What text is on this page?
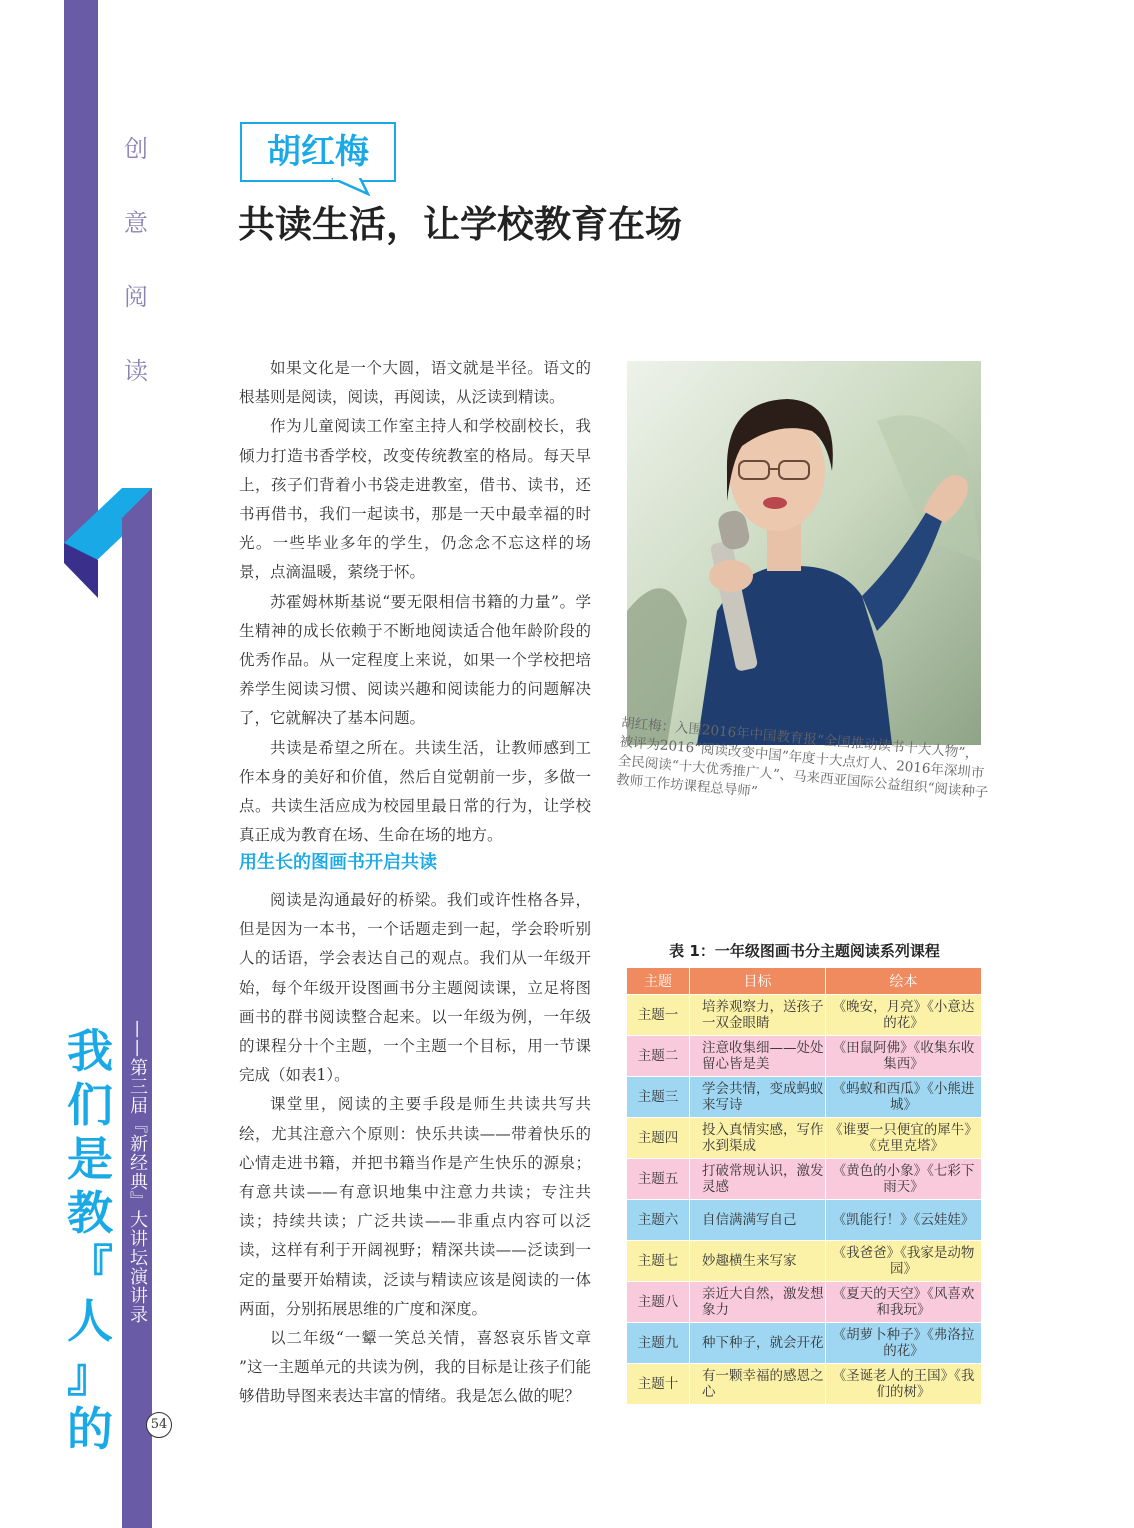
创
意
阅
读
我
们
是
教
『
人
』
的
——第三届『新经典』大讲坛演讲录
54
胡红梅
共读生活，让学校教育在场

如果文化是一个大圆，语文就是半径。语文的根基则是阅读，阅读，再阅读，从泛读到精读。

作为儿童阅读工作室主持人和学校副校长，我倾力打造书香学校，改变传统教室的格局。每天早上，孩子们背着小书袋走进教室，借书、读书，还书再借书，我们一起读书，那是一天中最幸福的时光。一些毕业多年的学生，仍念念不忘这样的场景，点滴温暖，萦绕于怀。

苏霍姆林斯基说“要无限相信书籍的力量”。学生精神的成长依赖于不断地阅读适合他年龄阶段的优秀作品。从一定程度上来说，如果一个学校把培养学生阅读习惯、阅读兴趣和阅读能力的问题解决了，它就解决了基本问题。

共读是希望之所在。共读生活，让教师感到工作本身的美好和价值，然后自觉朝前一步，多做一点。共读生活应成为校园里最日常的行为，让学校真正成为教育在场、生命在场的地方。

用生长的图画书开启共读

阅读是沟通最好的桥梁。我们或许性格各异，但是因为一本书，一个话题走到一起，学会聆听别人的话语，学会表达自己的观点。我们从一年级开始，每个年级开设图画书分主题阅读课，立足将图画书的群书阅读整合起来。以一年级为例，一年级的课程分十个主题，一个主题一个目标，用一节课完成（如表1）。

课堂里，阅读的主要手段是师生共读共写共绘，尤其注意六个原则：快乐共读——带着快乐的心情走进书籍，并把书籍当作是产生快乐的源泉；有意共读——有意识地集中注意力共读；专注共读；持续共读；广泛共读——非重点内容可以泛读，这样有利于开阔视野；精深共读——泛读到一定的量要开始精读，泛读与精读应该是阅读的一体两面，分别拓展思维的广度和深度。

以二年级“一颦一笑总关情，喜怒哀乐皆文章 ”这一主题单元的共读为例，我的目标是让孩子们能够借助导图来表达丰富的情绪。我是怎么做的呢？

胡红梅：入围2016年中国教育报“全国推动读书十大人物”，被评为2016“阅读改变中国”年度十大点灯人、2016年深圳市全民阅读“十大优秀推广人”、马来西亚国际公益组织“阅读种子教师工作坊课程总导师”
表 1：一年级图画书分主题阅读系列课程
主题	目标	绘本
主题一	培养观察力，送孩子一双金眼睛	《晚安，月亮》《小意达的花》
主题二	注意收集细——处处留心皆是美	《田鼠阿佛》《收集东收集西》
主题三	学会共情，变成蚂蚁来写诗	《蚂蚁和西瓜》《小熊进城》
主题四	投入真情实感，写作水到渠成	《谁要一只便宜的犀牛》《克里克塔》
主题五	打破常规认识，激发灵感	《黄色的小象》《七彩下雨天》
主题六	自信满满写自己	《凯能行！》《云娃娃》
主题七	妙趣横生来写家	《我爸爸》《我家是动物园》
主题八	亲近大自然，激发想象力	《夏天的天空》《风喜欢和我玩》
主题九	种下种子，就会开花	《胡萝卜种子》《弗洛拉的花》
主题十	有一颗幸福的感恩之心	《圣诞老人的王国》《我们的树》
